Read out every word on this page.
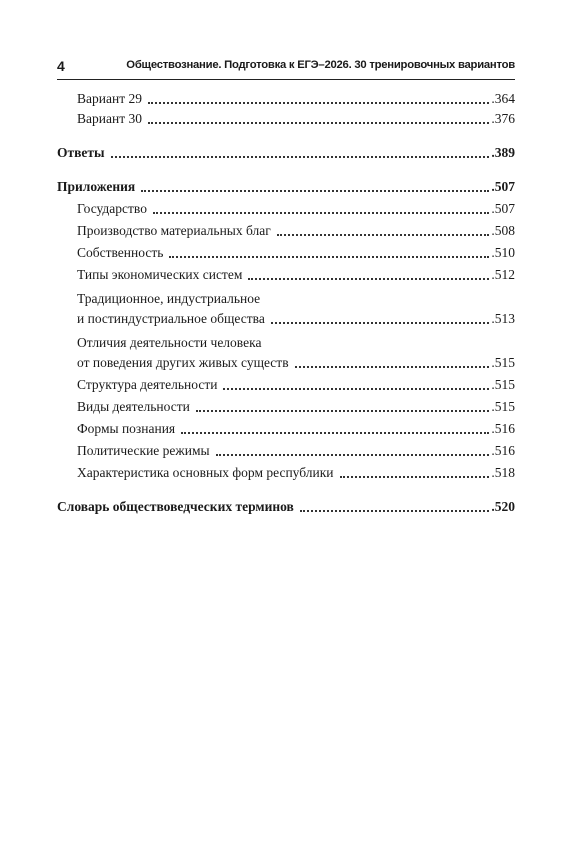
4	Обществознание. Подготовка к ЕГЭ–2026. 30 тренировочных вариантов
Вариант 29	.364
Вариант 30	.376
Ответы	.389
Приложения	.507
Государство	.507
Производство материальных благ	.508
Собственность	.510
Типы экономических систем	.512
Традиционное, индустриальное
и постиндустриальное общества	.513
Отличия деятельности человека
от поведения других живых существ	.515
Структура деятельности	.515
Виды деятельности	.515
Формы познания	.516
Политические режимы	.516
Характеристика основных форм республики	.518
Словарь обществоведческих терминов	.520
